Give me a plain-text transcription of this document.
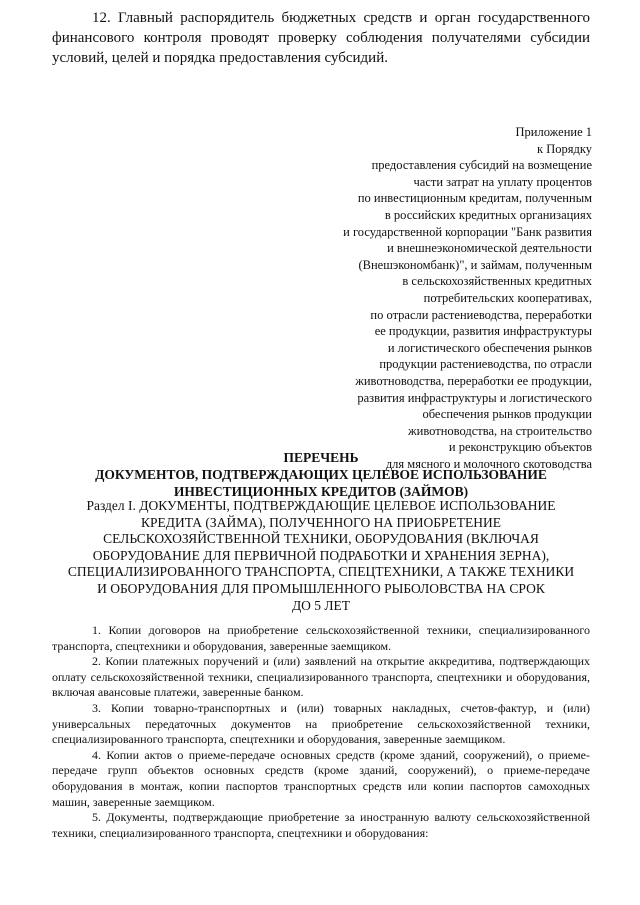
12. Главный распорядитель бюджетных средств и орган государственного финансового контроля проводят проверку соблюдения получателями субсидии условий, целей и порядка предоставления субсидий.
Приложение 1
к Порядку
предоставления субсидий на возмещение
части затрат на уплату процентов
по инвестиционным кредитам, полученным
в российских кредитных организациях
и государственной корпорации "Банк развития
и внешнеэкономической деятельности
(Внешэкономбанк)", и займам, полученным
в сельскохозяйственных кредитных
потребительских кооперативах,
по отрасли растениеводства, переработки
ее продукции, развития инфраструктуры
и логистического обеспечения рынков
продукции растениеводства, по отрасли
животноводства, переработки ее продукции,
развития инфраструктуры и логистического
обеспечения рынков продукции
животноводства, на строительство
и реконструкцию объектов
для мясного и молочного скотоводства
ПЕРЕЧЕНЬ
ДОКУМЕНТОВ, ПОДТВЕРЖДАЮЩИХ ЦЕЛЕВОЕ ИСПОЛЬЗОВАНИЕ
ИНВЕСТИЦИОННЫХ КРЕДИТОВ (ЗАЙМОВ)
Раздел I. ДОКУМЕНТЫ, ПОДТВЕРЖДАЮЩИЕ ЦЕЛЕВОЕ ИСПОЛЬЗОВАНИЕ
КРЕДИТА (ЗАЙМА), ПОЛУЧЕННОГО НА ПРИОБРЕТЕНИЕ
СЕЛЬСКОХОЗЯЙСТВЕННОЙ ТЕХНИКИ, ОБОРУДОВАНИЯ (ВКЛЮЧАЯ
ОБОРУДОВАНИЕ ДЛЯ ПЕРВИЧНОЙ ПОДРАБОТКИ И ХРАНЕНИЯ ЗЕРНА),
СПЕЦИАЛИЗИРОВАННОГО ТРАНСПОРТА, СПЕЦТЕХНИКИ, А ТАКЖЕ ТЕХНИКИ
И ОБОРУДОВАНИЯ ДЛЯ ПРОМЫШЛЕННОГО РЫБОЛОВСТВА НА СРОК
ДО 5 ЛЕТ
1. Копии договоров на приобретение сельскохозяйственной техники, специализированного транспорта, спецтехники и оборудования, заверенные заемщиком.
2. Копии платежных поручений и (или) заявлений на открытие аккредитива, подтверждающих оплату сельскохозяйственной техники, специализированного транспорта, спецтехники и оборудования, включая авансовые платежи, заверенные банком.
3. Копии товарно-транспортных и (или) товарных накладных, счетов-фактур, и (или) универсальных передаточных документов на приобретение сельскохозяйственной техники, специализированного транспорта, спецтехники и оборудования, заверенные заемщиком.
4. Копии актов о приеме-передаче основных средств (кроме зданий, сооружений), о приеме-передаче групп объектов основных средств (кроме зданий, сооружений), о приеме-передаче оборудования в монтаж, копии паспортов транспортных средств или копии паспортов самоходных машин, заверенные заемщиком.
5. Документы, подтверждающие приобретение за иностранную валюту сельскохозяйственной техники, специализированного транспорта, спецтехники и оборудования:
